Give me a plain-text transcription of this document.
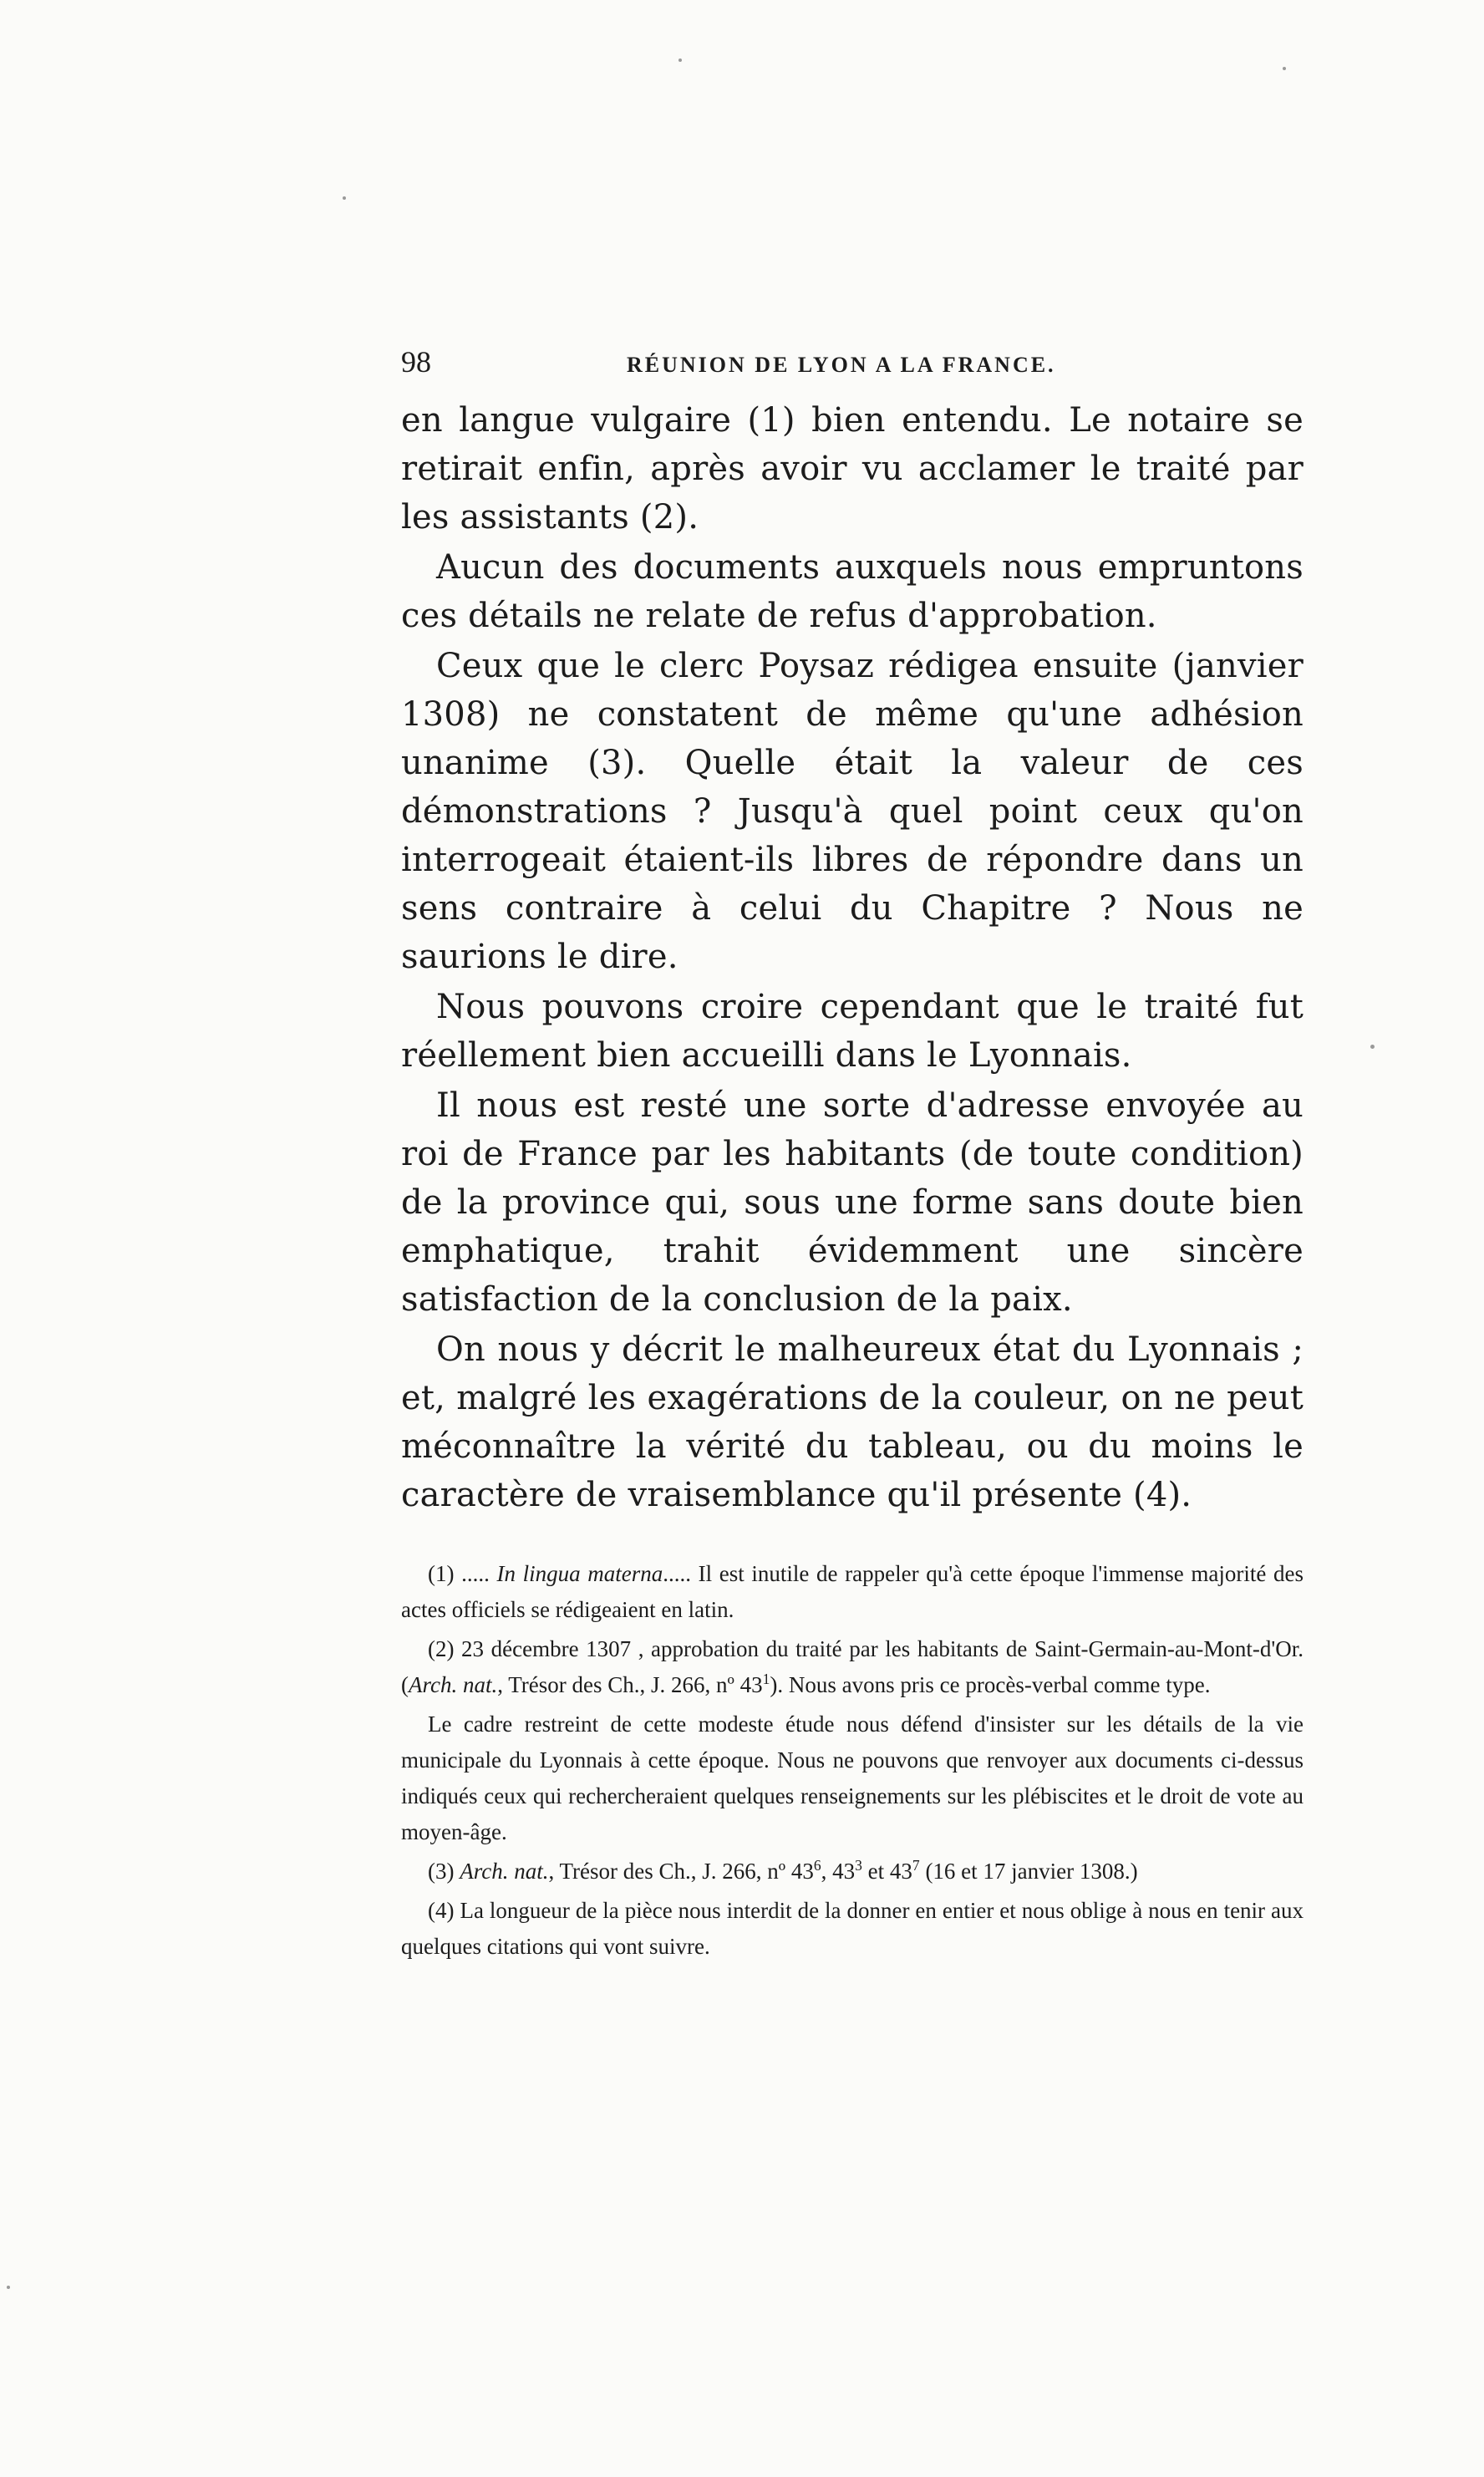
98	RÉUNION DE LYON A LA FRANCE.

en langue vulgaire (1) bien entendu. Le notaire se retirait enfin, après avoir vu acclamer le traité par les assistants (2).

Aucun des documents auxquels nous empruntons ces détails ne relate de refus d'approbation.

Ceux que le clerc Poysaz rédigea ensuite (janvier 1308) ne constatent de même qu'une adhésion unanime (3). Quelle était la valeur de ces démonstrations ? Jusqu'à quel point ceux qu'on interrogeait étaient-ils libres de répondre dans un sens contraire à celui du Chapitre ? Nous ne saurions le dire.

Nous pouvons croire cependant que le traité fut réellement bien accueilli dans le Lyonnais.

Il nous est resté une sorte d'adresse envoyée au roi de France par les habitants (de toute condition) de la province qui, sous une forme sans doute bien emphatique, trahit évidemment une sincère satisfaction de la conclusion de la paix.

On nous y décrit le malheureux état du Lyonnais ; et, malgré les exagérations de la couleur, on ne peut méconnaître la vérité du tableau, ou du moins le caractère de vraisemblance qu'il présente (4).

(1) ..... In lingua materna..... Il est inutile de rappeler qu'à cette époque l'immense majorité des actes officiels se rédigeaient en latin.

(2) 23 décembre 1307 , approbation du traité par les habitants de Saint-Germain-au-Mont-d'Or. (Arch. nat., Trésor des Ch., J. 266, nº $43^1$). Nous avons pris ce procès-verbal comme type.

Le cadre restreint de cette modeste étude nous défend d'insister sur les détails de la vie municipale du Lyonnais à cette époque. Nous ne pouvons que renvoyer aux documents ci-dessus indiqués ceux qui rechercheraient quelques renseignements sur les plébiscites et le droit de vote au moyen-âge.

(3) Arch. nat., Trésor des Ch., J. 266, nº $43^6$, $43^3$ et $43^7$ (16 et 17 janvier 1308.)

(4) La longueur de la pièce nous interdit de la donner en entier et nous oblige à nous en tenir aux quelques citations qui vont suivre.
